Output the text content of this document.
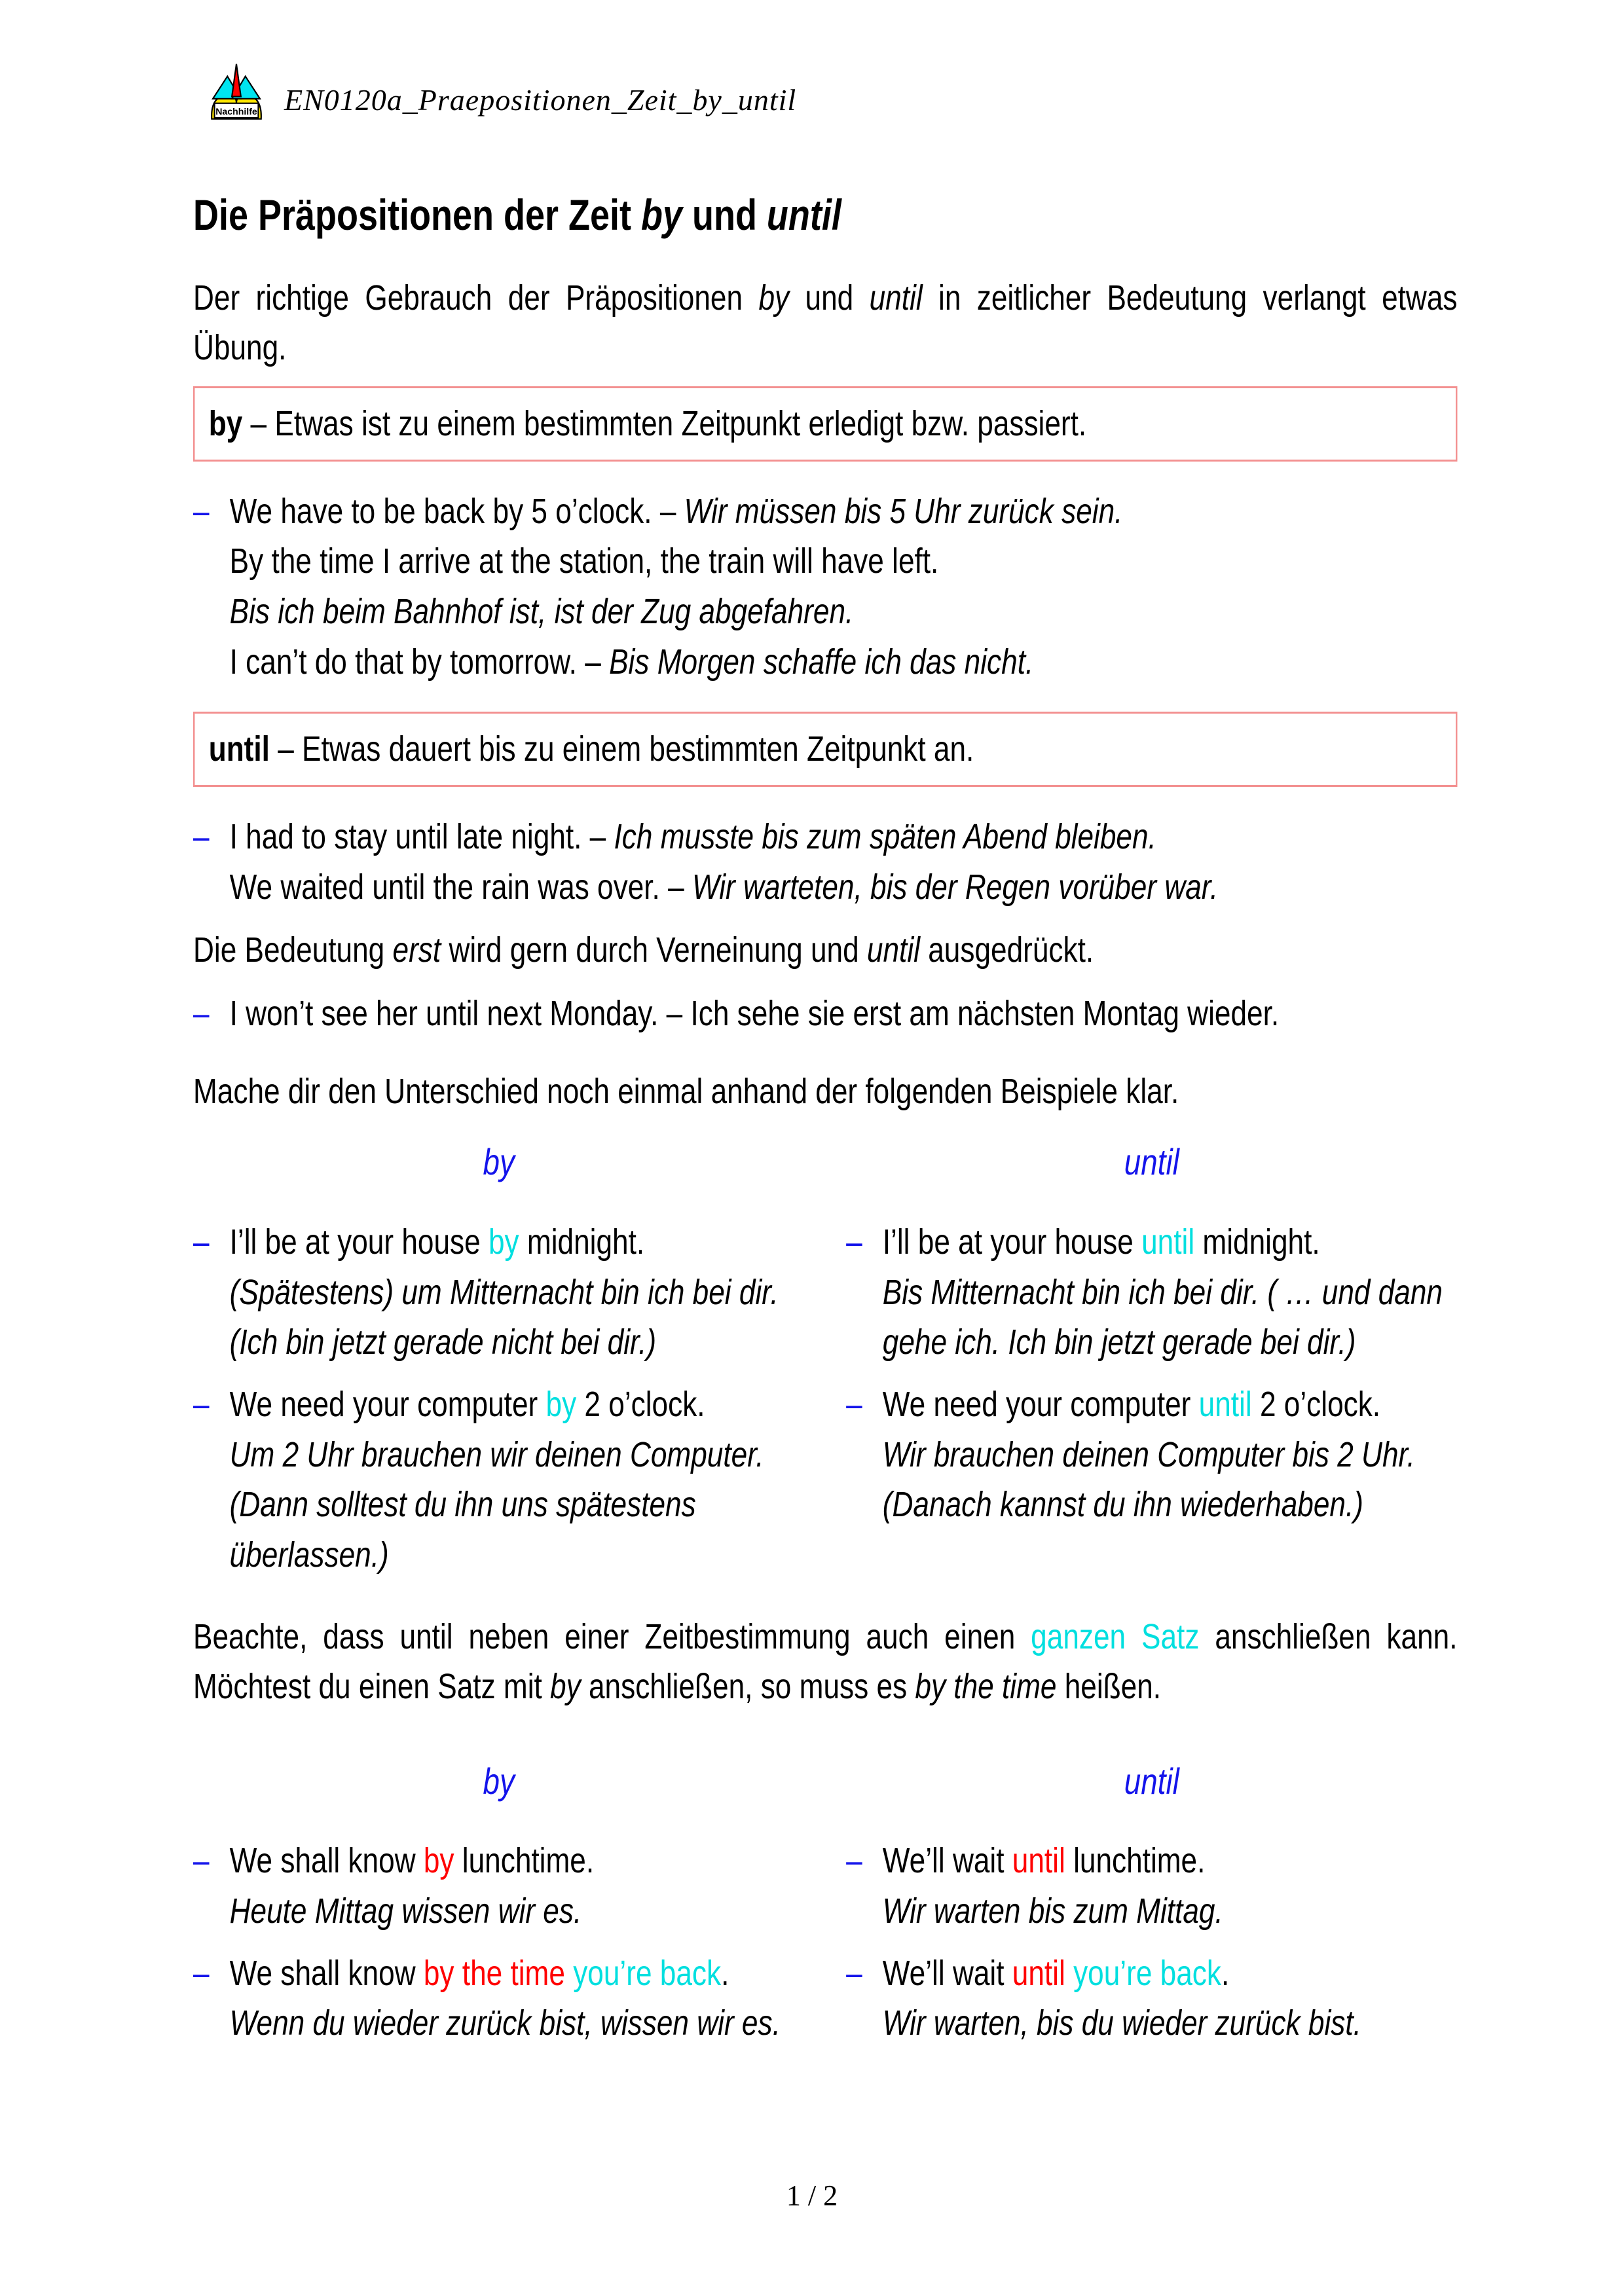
Nachhilfe EN0120a_Praepositionen_Zeit_by_until
Die Präpositionen der Zeit by und until

Der richtige Gebrauch der Präpositionen by und until in zeitlicher Bedeutung verlangt etwas Übung.

by – Etwas ist zu einem bestimmten Zeitpunkt erledigt bzw. passiert.
– We have to be back by 5 o’clock. – Wir müssen bis 5 Uhr zurück sein.
By the time I arrive at the station, the train will have left.
Bis ich beim Bahnhof ist, ist der Zug abgefahren.
I can’t do that by tomorrow. – Bis Morgen schaffe ich das nicht.
until – Etwas dauert bis zu einem bestimmten Zeitpunkt an.
– I had to stay until late night. – Ich musste bis zum späten Abend bleiben.
We waited until the rain was over. – Wir warteten, bis der Regen vorüber war.

Die Bedeutung erst wird gern durch Verneinung und until ausgedrückt.

– I won’t see her until next Monday. – Ich sehe sie erst am nächsten Montag wieder.

Mache dir den Unterschied noch einmal anhand der folgenden Beispiele klar.

by
– I’ll be at your house by midnight.
(Spätestens) um Mitternacht bin ich bei dir. (Ich bin jetzt gerade nicht bei dir.)
– We need your computer by 2 o’clock.
Um 2 Uhr brauchen wir deinen Computer. (Dann solltest du ihn uns spätestens überlassen.)
until
– I’ll be at your house until midnight.
Bis Mitternacht bin ich bei dir. ( … und dann gehe ich. Ich bin jetzt gerade bei dir.)
– We need your computer until 2 o’clock.
Wir brauchen deinen Computer bis 2 Uhr. (Danach kannst du ihn wiederhaben.)

Beachte, dass until neben einer Zeitbestimmung auch einen ganzen Satz anschließen kann. Möchtest du einen Satz mit by anschließen, so muss es by the time heißen.

by
– We shall know by lunchtime.
Heute Mittag wissen wir es.
– We shall know by the time you’re back.
Wenn du wieder zurück bist, wissen wir es.
until
– We’ll wait until lunchtime.
Wir warten bis zum Mittag.
– We’ll wait until you’re back.
Wir warten, bis du wieder zurück bist.
1 / 2
